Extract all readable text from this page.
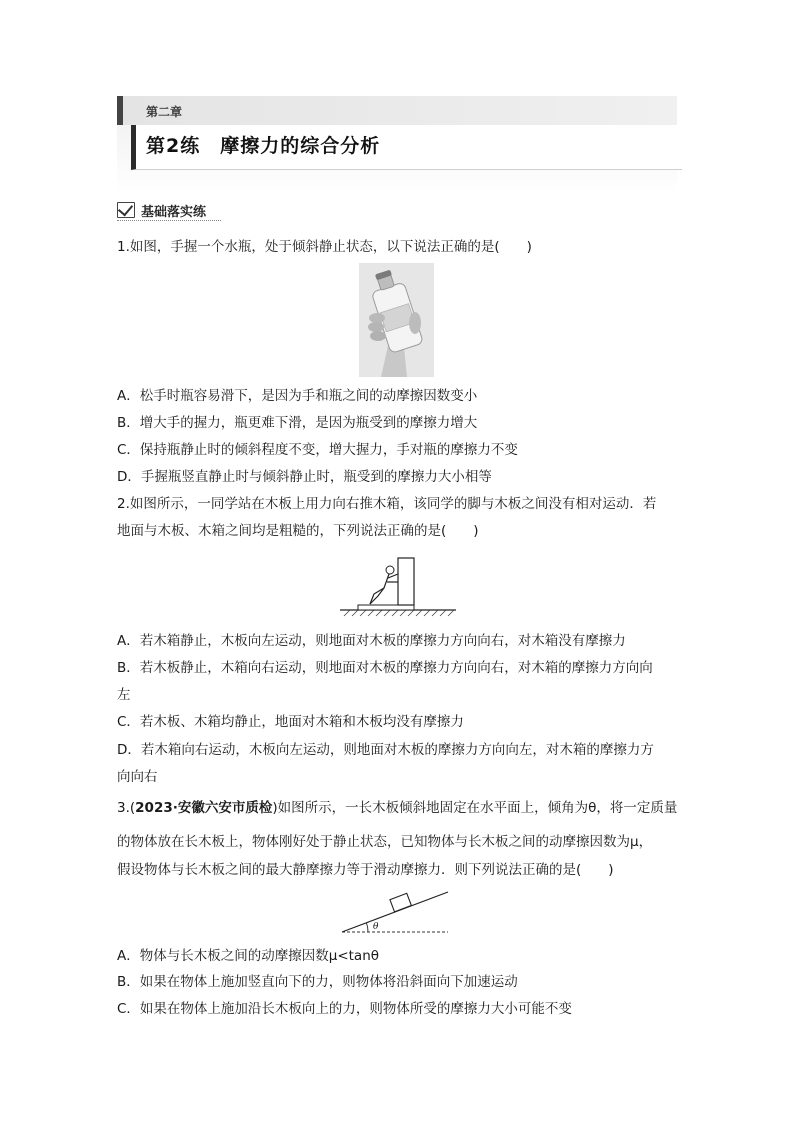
第二章
第2练 摩擦力的综合分析
基础落实练
1.如图，手握一个水瓶，处于倾斜静止状态，以下说法正确的是(　　)
A．松手时瓶容易滑下，是因为手和瓶之间的动摩擦因数变小
B．增大手的握力，瓶更难下滑，是因为瓶受到的摩擦力增大
C．保持瓶静止时的倾斜程度不变，增大握力，手对瓶的摩擦力不变
D．手握瓶竖直静止时与倾斜静止时，瓶受到的摩擦力大小相等
2.如图所示，一同学站在木板上用力向右推木箱，该同学的脚与木板之间没有相对运动．若
地面与木板、木箱之间均是粗糙的，下列说法正确的是(　　)
A．若木箱静止，木板向左运动，则地面对木板的摩擦力方向向右，对木箱没有摩擦力
B．若木板静止，木箱向右运动，则地面对木板的摩擦力方向向右，对木箱的摩擦力方向向
左
C．若木板、木箱均静止，地面对木箱和木板均没有摩擦力
D．若木箱向右运动，木板向左运动，则地面对木板的摩擦力方向向左，对木箱的摩擦力方
向向右
3.(2023·安徽六安市质检)如图所示，一长木板倾斜地固定在水平面上，倾角为θ，将一定质量
的物体放在长木板上，物体刚好处于静止状态，已知物体与长木板之间的动摩擦因数为μ，
假设物体与长木板之间的最大静摩擦力等于滑动摩擦力．则下列说法正确的是(　　)
θ
A．物体与长木板之间的动摩擦因数μ<tanθ
B．如果在物体上施加竖直向下的力，则物体将沿斜面向下加速运动
C．如果在物体上施加沿长木板向上的力，则物体所受的摩擦力大小可能不变
